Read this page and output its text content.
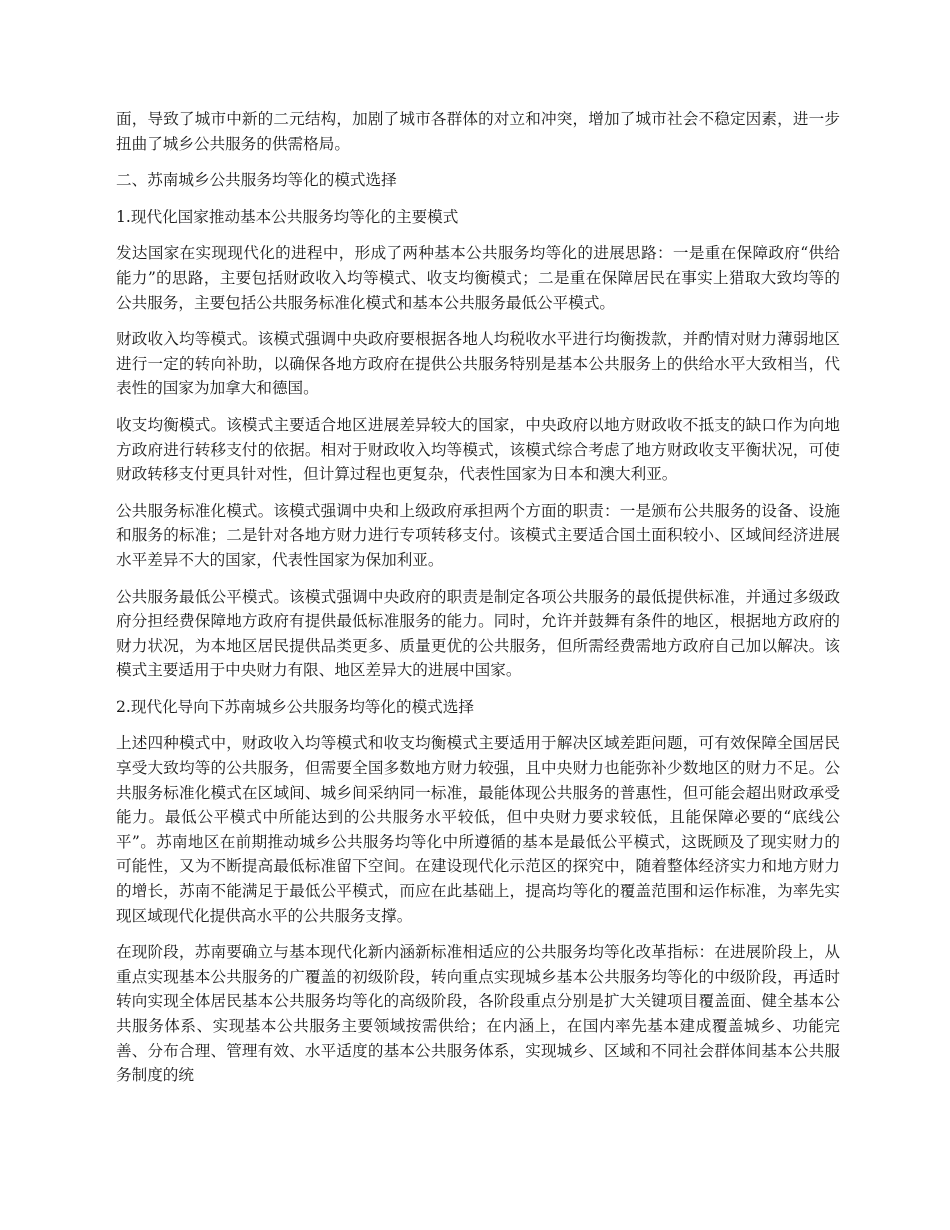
面，导致了城市中新的二元结构，加剧了城市各群体的对立和冲突，增加了城市社会不稳定因素，进一步扭曲了城乡公共服务的供需格局。

二、苏南城乡公共服务均等化的模式选择

1.现代化国家推动基本公共服务均等化的主要模式

发达国家在实现现代化的进程中，形成了两种基本公共服务均等化的进展思路：一是重在保障政府“供给能力”的思路，主要包括财政收入均等模式、收支均衡模式；二是重在保障居民在事实上猎取大致均等的公共服务，主要包括公共服务标准化模式和基本公共服务最低公平模式。

财政收入均等模式。该模式强调中央政府要根据各地人均税收水平进行均衡拨款，并酌情对财力薄弱地区进行一定的转向补助，以确保各地方政府在提供公共服务特别是基本公共服务上的供给水平大致相当，代表性的国家为加拿大和德国。

收支均衡模式。该模式主要适合地区进展差异较大的国家，中央政府以地方财政收不抵支的缺口作为向地方政府进行转移支付的依据。相对于财政收入均等模式，该模式综合考虑了地方财政收支平衡状况，可使财政转移支付更具针对性，但计算过程也更复杂，代表性国家为日本和澳大利亚。

公共服务标准化模式。该模式强调中央和上级政府承担两个方面的职责：一是颁布公共服务的设备、设施和服务的标准；二是针对各地方财力进行专项转移支付。该模式主要适合国土面积较小、区域间经济进展水平差异不大的国家，代表性国家为保加利亚。

公共服务最低公平模式。该模式强调中央政府的职责是制定各项公共服务的最低提供标准，并通过多级政府分担经费保障地方政府有提供最低标准服务的能力。同时，允许并鼓舞有条件的地区，根据地方政府的财力状况，为本地区居民提供品类更多、质量更优的公共服务，但所需经费需地方政府自己加以解决。该模式主要适用于中央财力有限、地区差异大的进展中国家。

2.现代化导向下苏南城乡公共服务均等化的模式选择

上述四种模式中，财政收入均等模式和收支均衡模式主要适用于解决区域差距问题，可有效保障全国居民享受大致均等的公共服务，但需要全国多数地方财力较强，且中央财力也能弥补少数地区的财力不足。公共服务标准化模式在区域间、城乡间采纳同一标准，最能体现公共服务的普惠性，但可能会超出财政承受能力。最低公平模式中所能达到的公共服务水平较低，但中央财力要求较低，且能保障必要的“底线公平”。苏南地区在前期推动城乡公共服务均等化中所遵循的基本是最低公平模式，这既顾及了现实财力的可能性，又为不断提高最低标准留下空间。在建设现代化示范区的探究中，随着整体经济实力和地方财力的增长，苏南不能满足于最低公平模式，而应在此基础上，提高均等化的覆盖范围和运作标准，为率先实现区域现代化提供高水平的公共服务支撑。

在现阶段，苏南要确立与基本现代化新内涵新标准相适应的公共服务均等化改革指标：在进展阶段上，从重点实现基本公共服务的广覆盖的初级阶段，转向重点实现城乡基本公共服务均等化的中级阶段，再适时转向实现全体居民基本公共服务均等化的高级阶段，各阶段重点分别是扩大关键项目覆盖面、健全基本公共服务体系、实现基本公共服务主要领域按需供给；在内涵上，在国内率先基本建成覆盖城乡、功能完善、分布合理、管理有效、水平适度的基本公共服务体系，实现城乡、区域和不同社会群体间基本公共服务制度的统
